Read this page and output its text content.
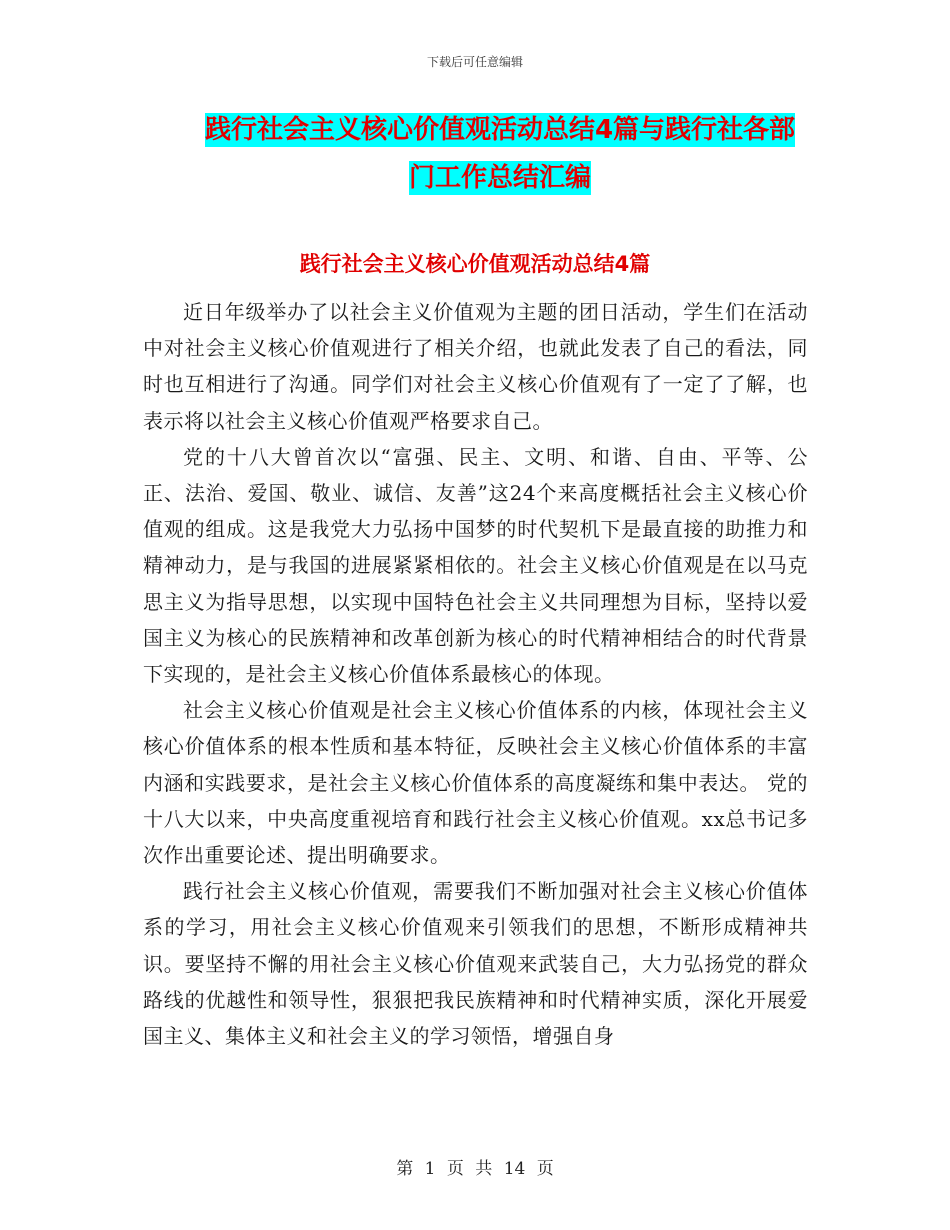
下载后可任意编辑
践行社会主义核心价值观活动总结4篇与践行社各部
门工作总结汇编
践行社会主义核心价值观活动总结4篇

近日年级举办了以社会主义价值观为主题的团日活动，学生们在活动中对社会主义核心价值观进行了相关介绍，也就此发表了自己的看法，同时也互相进行了沟通。同学们对社会主义核心价值观有了一定了了解，也表示将以社会主义核心价值观严格要求自己。

党的十八大曾首次以“富强、民主、文明、和谐、自由、平等、公正、法治、爱国、敬业、诚信、友善”这24个来高度概括社会主义核心价值观的组成。这是我党大力弘扬中国梦的时代契机下是最直接的助推力和精神动力，是与我国的进展紧紧相依的。社会主义核心价值观是在以马克思主义为指导思想，以实现中国特色社会主义共同理想为目标，坚持以爱国主义为核心的民族精神和改革创新为核心的时代精神相结合的时代背景下实现的，是社会主义核心价值体系最核心的体现。

社会主义核心价值观是社会主义核心价值体系的内核，体现社会主义核心价值体系的根本性质和基本特征，反映社会主义核心价值体系的丰富内涵和实践要求，是社会主义核心价值体系的高度凝练和集中表达。 党的十八大以来，中央高度重视培育和践行社会主义核心价值观。xx总书记多次作出重要论述、提出明确要求。

践行社会主义核心价值观，需要我们不断加强对社会主义核心价值体系的学习，用社会主义核心价值观来引领我们的思想，不断形成精神共识。要坚持不懈的用社会主义核心价值观来武装自己，大力弘扬党的群众路线的优越性和领导性，狠狠把我民族精神和时代精神实质，深化开展爱国主义、集体主义和社会主义的学习领悟，增强自身

第 1 页 共 14 页
